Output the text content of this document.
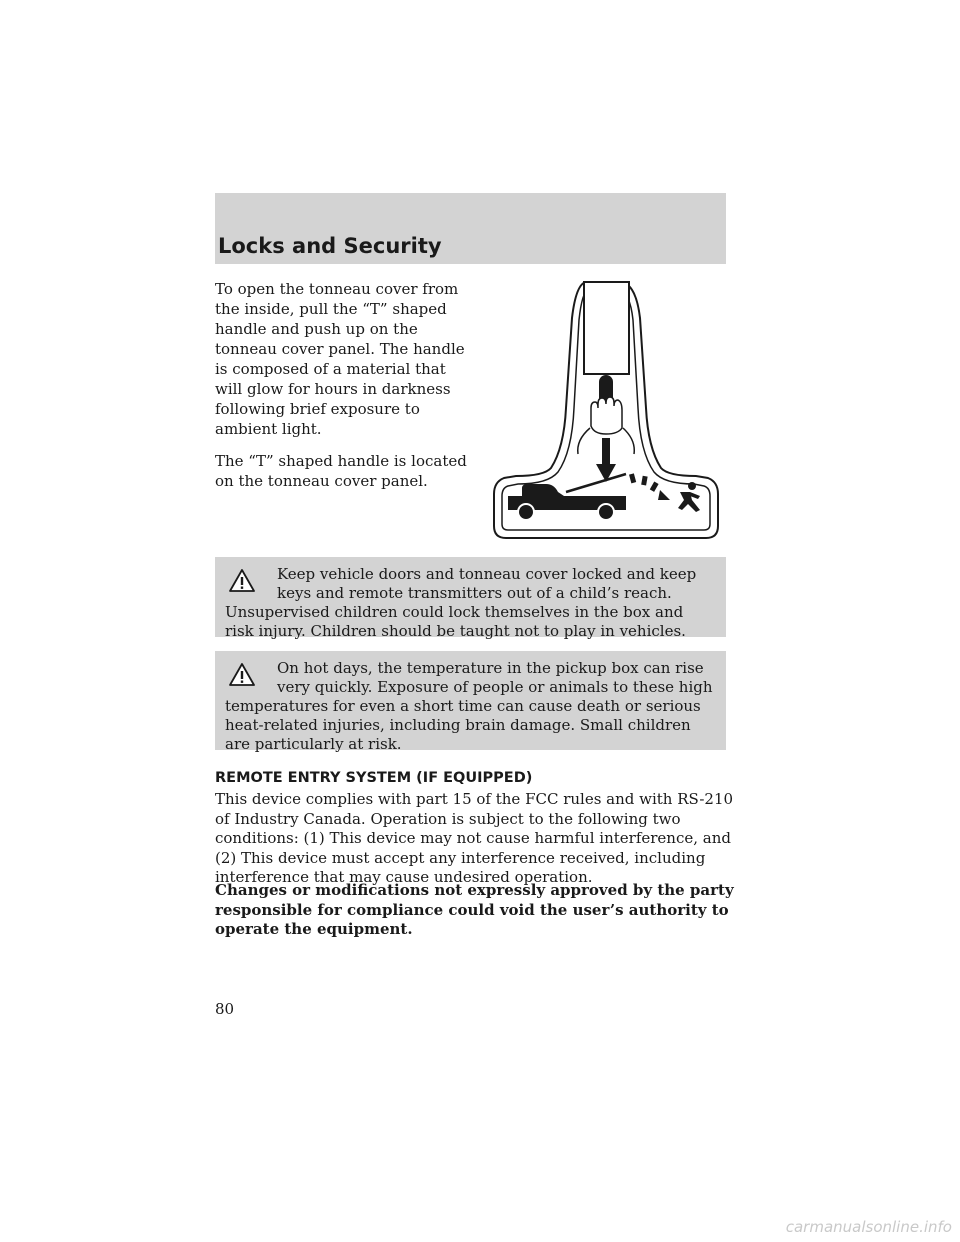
Locks and Security

To open the tonneau cover from the inside, pull the “T” shaped handle and push up on the tonneau cover panel. The handle is composed of a material that will glow for hours in darkness following brief exposure to ambient light.

The “T” shaped handle is located on the tonneau cover panel.

Keep vehicle doors and tonneau cover locked and keep keys and remote transmitters out of a child’s reach. Unsupervised children could lock themselves in the box and risk injury. Children should be taught not to play in vehicles.
On hot days, the temperature in the pickup box can rise very quickly. Exposure of people or animals to these high temperatures for even a short time can cause death or serious heat-related injuries, including brain damage. Small children are particularly at risk.
REMOTE ENTRY SYSTEM (IF EQUIPPED)

This device complies with part 15 of the FCC rules and with RS-210 of Industry Canada. Operation is subject to the following two conditions: (1) This device may not cause harmful interference, and (2) This device must accept any interference received, including interference that may cause undesired operation.

Changes or modifications not expressly approved by the party responsible for compliance could void the user’s authority to operate the equipment.

80
carmanualsonline.info
